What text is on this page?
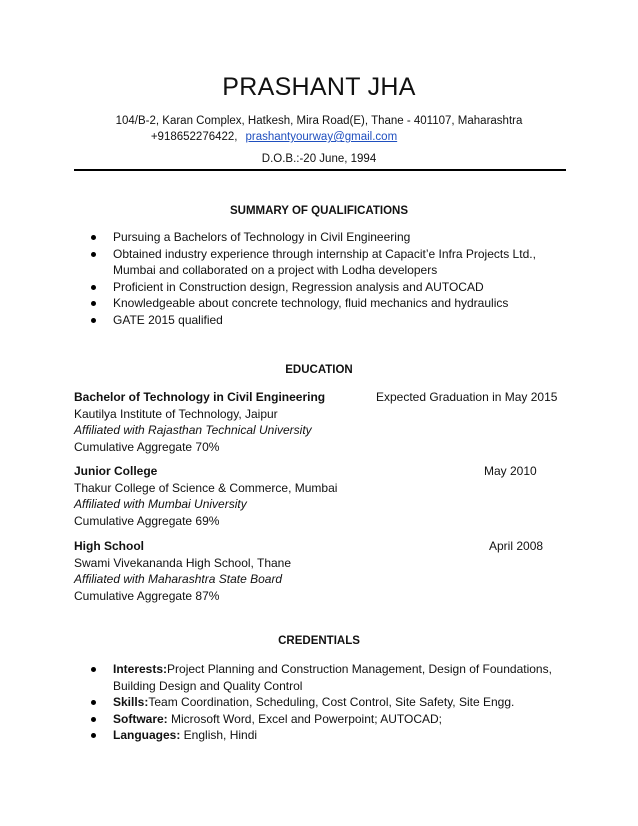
PRASHANT JHA
104/B-2, Karan Complex, Hatkesh, Mira Road(E), Thane - 401107, Maharashtra
+918652276422, prashantyourway@gmail.com
D.O.B.:-20 June, 1994
SUMMARY OF QUALIFICATIONS
Pursuing a Bachelors of Technology in Civil Engineering
Obtained industry experience through internship at Capacit’e Infra Projects Ltd., Mumbai and collaborated on a project with Lodha developers
Proficient in Construction design, Regression analysis and AUTOCAD
Knowledgeable about concrete technology, fluid mechanics and hydraulics
GATE 2015 qualified
EDUCATION
Bachelor of Technology in Civil Engineering	Expected Graduation in May 2015
Kautilya Institute of Technology, Jaipur
Affiliated with Rajasthan Technical University
Cumulative Aggregate 70%
Junior College	May 2010
Thakur College of Science & Commerce, Mumbai
Affiliated with Mumbai University
Cumulative Aggregate 69%
High School	April 2008
Swami Vivekananda High School, Thane
Affiliated with Maharashtra State Board
Cumulative Aggregate 87%
CREDENTIALS
Interests:Project Planning and Construction Management, Design of Foundations, Building Design and Quality Control
Skills:Team Coordination, Scheduling, Cost Control, Site Safety, Site Engg.
Software: Microsoft Word, Excel and Powerpoint; AUTOCAD;
Languages: English, Hindi
